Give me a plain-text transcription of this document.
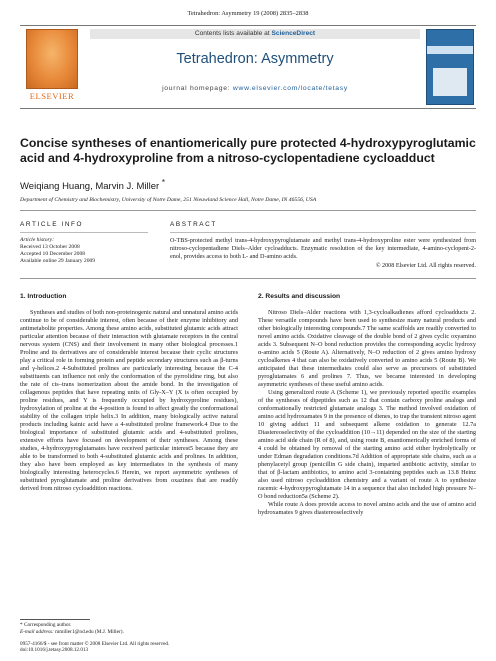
Tetrahedron: Asymmetry 19 (2008) 2835–2838
ELSEVIER
Contents lists available at ScienceDirect
Tetrahedron: Asymmetry
journal homepage: www.elsevier.com/locate/tetasy
Concise syntheses of enantiomerically pure protected 4-hydroxypyroglutamic acid and 4-hydroxyproline from a nitroso-cyclopentadiene cycloadduct
Weiqiang Huang, Marvin J. Miller *
Department of Chemistry and Biochemistry, University of Notre Dame, 251 Nieuwland Science Hall, Notre Dame, IN 46556, USA
ARTICLE INFO
Article history:
Received 13 October 2008
Accepted 10 December 2008
Available online 29 January 2009
ABSTRACT
O-TBS-protected methyl trans-4-hydroxypyroglutamate and methyl trans-4-hydroxyproline ester were synthesized from nitroso-cyclopentadiene Diels–Alder cycloadducts. Enzymatic resolution of the key intermediate, 4-amino-cyclopent-2-enol, provides access to both L- and D-amino acids.
© 2008 Elsevier Ltd. All rights reserved.
1. Introduction	2. Results and discussion

Syntheses and studies of both non-proteinogenic natural and unnatural amino acids continue to be of considerable interest, often because of their enzyme inhibitory and antimetabolite properties. Among these amino acids, substituted glutamic acids attract particular attention because of their interaction with glutamate receptors in the central nervous system (CNS) and their involvement in many other biological processes.1 Proline and its derivatives are of considerable interest because their cyclic structures play a critical role in forming protein and peptide secondary structures such as β-turns and γ-helices.2 4-Substituted prolines are particularly interesting because the C-4 substituents can influence not only the conformation of the pyrrolidine ring, but also the rate of cis–trans isomerization about the amide bond. In the investigation of collagenous peptides that have repeating units of Gly-X–Y (X is often occupied by proline residues, and Y is frequently occupied by hydroxyproline residues), hydroxylation of proline at the 4-position is found to affect greatly the conformational stability of the collagen triple helix.3 In addition, many biologically active natural products including kainic acid have a 4-substituted proline framework.4 Due to the biological importance of substituted glutamic acids and 4-substituted prolines, extensive efforts have focused on development of their syntheses. Among these studies, 4-hydroxypyroglutamates have received particular interest5 because they are able to be transformed to both 4-substituted glutamic acids and prolines. In addition, they also have been employed as key intermediates in the synthesis of many biologically interesting heterocycles.6 Herein, we report asymmetric syntheses of substituted pyroglutamate and proline derivatives from oxazines that are readily derived from nitroso cycloaddition reactions.

Nitroso Diels–Alder reactions with 1,3-cycloalkadienes afford cycloadducts 2. These versatile compounds have been used to synthesize many natural products and other biologically interesting compounds.7 The same scaffolds are readily converted to novel amino acids. Oxidative cleavage of the double bond of 2 gives cyclic oxyamino acids 3. Subsequent N–O bond reduction provides the corresponding acyclic hydroxy α-amino acids 5 (Route A). Alternatively, N–O reduction of 2 gives amino hydroxy cycloalkenes 4 that can also be oxidatively converted to amino acids 5 (Route B). We anticipated that these intermediates could also serve as precursors of substituted pyroglutamates 6 and prolines 7. Thus, we became interested in developing asymmetric syntheses of these useful amino acids.

Using generalized route A (Scheme 1), we previously reported specific examples of the syntheses of dipeptides such as 12 that contain carboxy proline analogs and conformationally restricted glutamate analogs 3. The method involved oxidation of amino acid hydroxamates 9 in the presence of dienes, to trap the transient nitroso agent 10 giving adduct 11 and subsequent alkene oxidation to generate 12.7a Diastereoselectivity of the cycloaddition (10→11) depended on the size of the starting amino acid side chain (R of 8), and, using route B, enantiomerically enriched forms of 4 could be obtained by removal of the starting amino acid either hydrolytically or under Edman degradation conditions.7d Addition of appropriate side chains, such as a phenylacetyl group (penicillin G side chain), imparted antibiotic activity, similar to that of β-lactam antibiotics, to amino acid 3-containing peptides such as 13.8 Heinz also used nitroso cycloaddition chemistry and a variant of route A to synthesize racemic 4-hydroxypyroglutamate 14 in a sequence that also included high pressure N–O bond reduction5a (Scheme 2).

While route A does provide access to novel amino acids and the use of amino acid hydroxamates 9 gives diastereoselectively

* Corresponding author.
E-mail address: mmiller1@nd.edu (M.J. Miller).
0957-4166/$ - see front matter © 2008 Elsevier Ltd. All rights reserved.
doi:10.1016/j.tetasy.2008.12.013
